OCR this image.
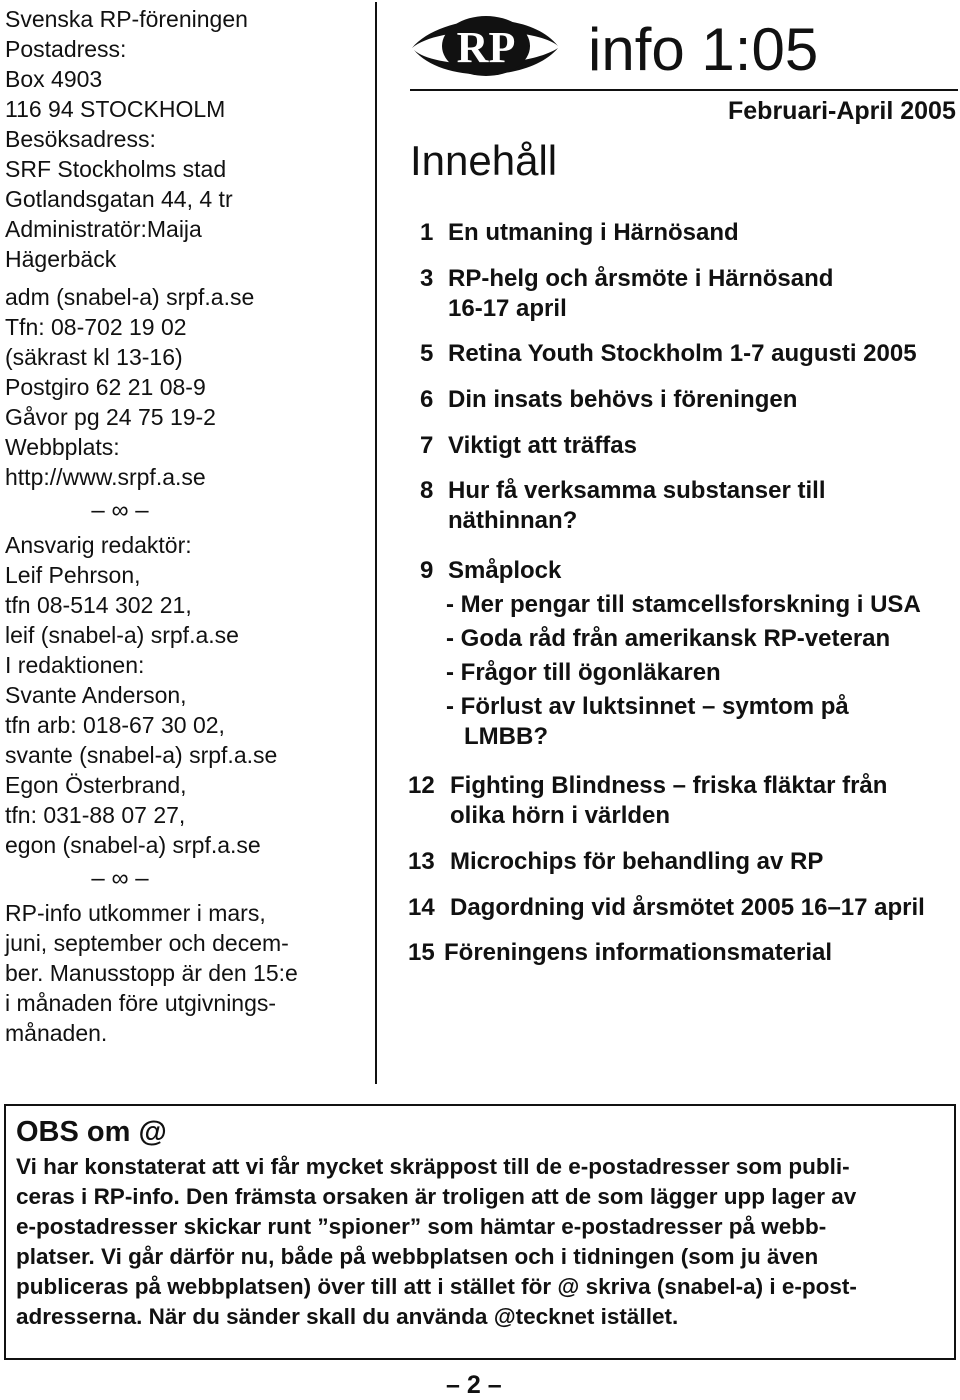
Svenska RP-föreningen
Postadress:
Box 4903
116 94 STOCKHOLM
Besöksadress:
SRF Stockholms stad
Gotlandsgatan 44, 4 tr
Administratör:Maija
Hägerbäck
adm (snabel-a) srpf.a.se
Tfn: 08-702 19 02
(säkrast kl 13-16)
Postgiro 62 21 08-9
Gåvor pg 24 75 19-2
Webbplats:
http://www.srpf.a.se
– ∞ –
Ansvarig redaktör:
Leif Pehrson,
tfn 08-514 302 21,
leif (snabel-a) srpf.a.se
I redaktionen:
Svante Anderson,
tfn arb: 018-67 30 02,
svante (snabel-a) srpf.a.se
Egon Österbrand,
tfn: 031-88 07 27,
egon (snabel-a) srpf.a.se
– ∞ –
RP-info utkommer i mars,
juni, september och decem-
ber. Manusstopp är den 15:e
i månaden före utgivnings-
månaden.
RP info 1:05
Februari-April 2005
Innehåll
1 En utmaning i Härnösand
3 RP-helg och årsmöte i Härnösand
16-17 april
5 Retina Youth Stockholm 1-7 augusti 2005
6 Din insats behövs i föreningen
7 Viktigt att träffas
8 Hur få verksamma substanser till
näthinnan?
9 Småplock
- Mer pengar till stamcellsforskning i USA
- Goda råd från amerikansk RP-veteran
- Frågor till ögonläkaren
- Förlust av luktsinnet – symtom på
LMBB?
12 Fighting Blindness – friska fläktar från
olika hörn i världen
13 Microchips för behandling av RP
14 Dagordning vid årsmötet 2005 16–17 april
15 Föreningens informationsmaterial
OBS om @
Vi har konstaterat att vi får mycket skräppost till de e-postadresser som publi-
ceras i RP-info. Den främsta orsaken är troligen att de som lägger upp lager av
e-postadresser skickar runt ”spioner” som hämtar e-postadresser på webb-
platser. Vi går därför nu, både på webbplatsen och i tidningen (som ju även
publiceras på webbplatsen) över till att i stället för @ skriva (snabel-a) i e-post-
adresserna. När du sänder skall du använda @tecknet istället.
– 2 –
